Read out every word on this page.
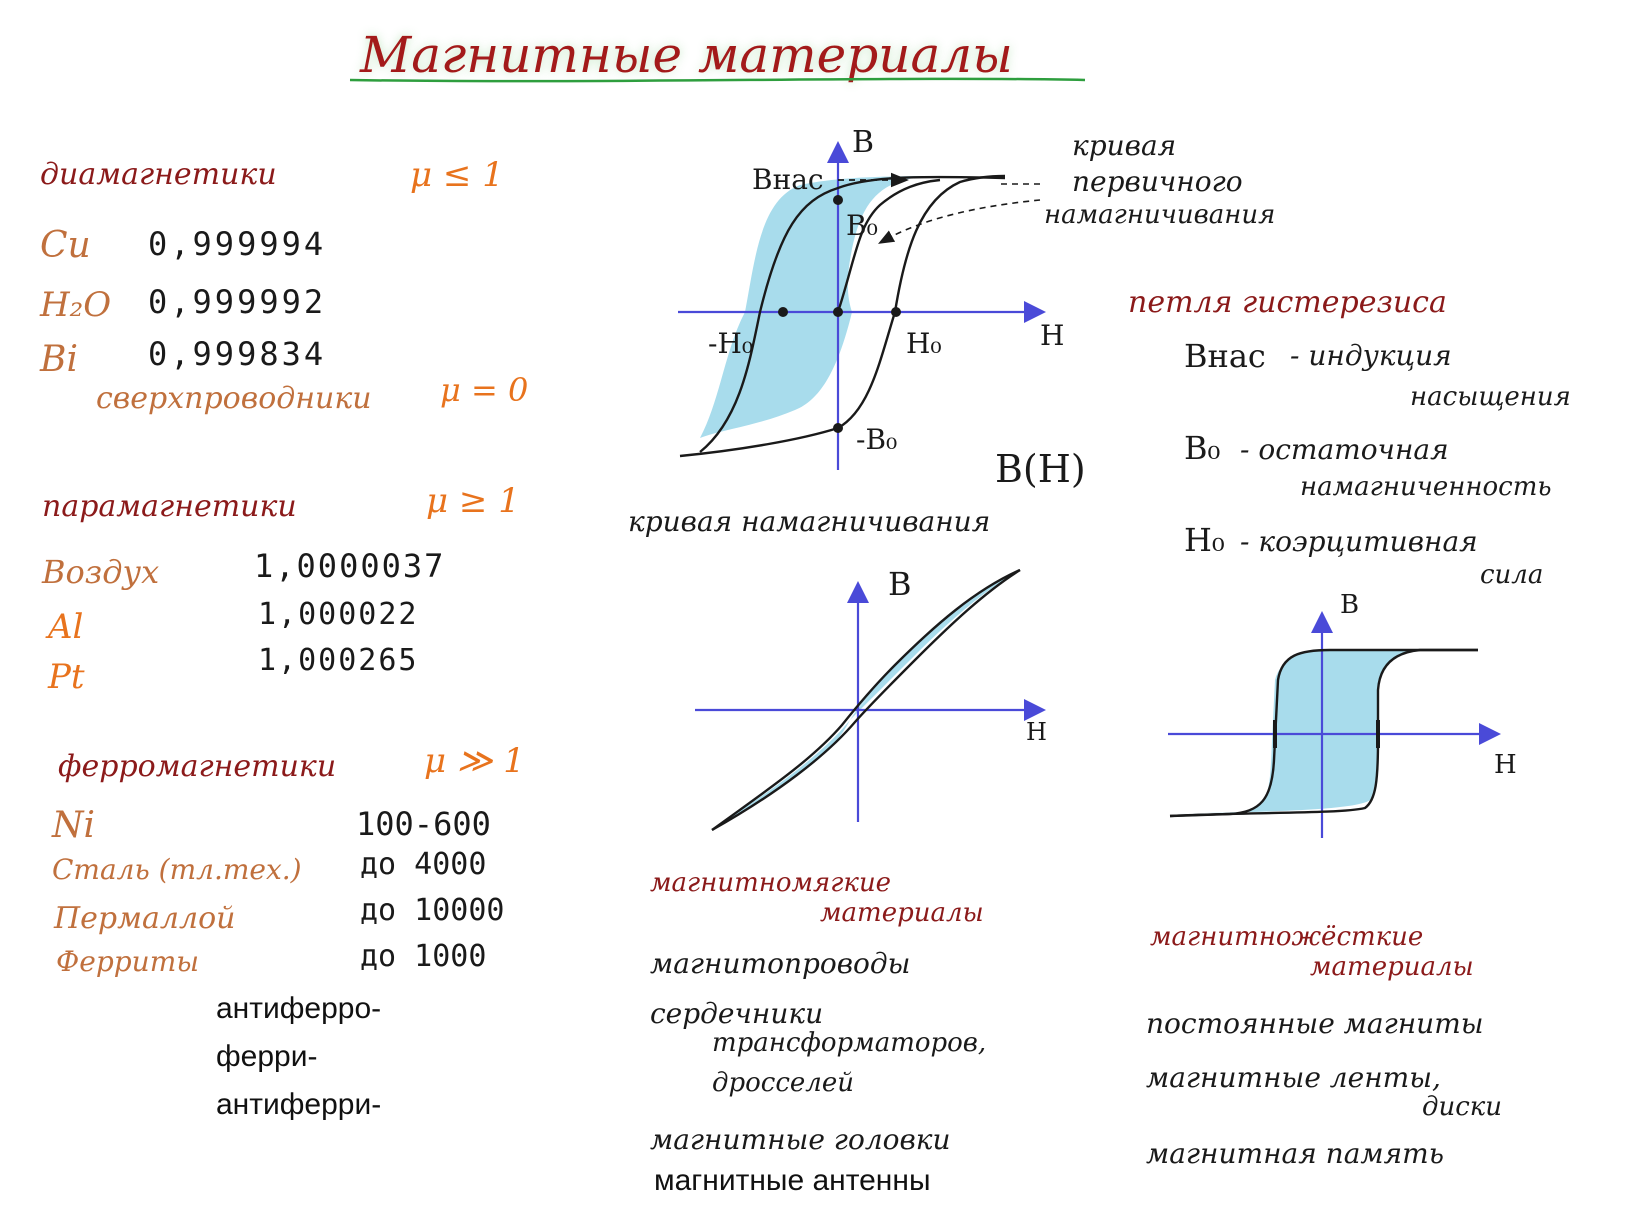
Магнитные материалы
диамагнетики	μ ≤ 1
Cu 0,999994
H₂O 0,999992
Bi 0,999834
сверхпроводники μ = 0
парамагнетики	μ ≥ 1
Воздух	1,0000037
Al	1,000022
Pt	1,000265
ферромагнетики	μ ≫ 1
Ni	100-600
Сталь (тл.тех.) до 4000
Пермаллой	до 10000
Ферриты	до 1000
антиферро-
ферри-
антиферри-
B
H
Bнас
B₀
-B₀
H₀
-H₀
кривая
первичного
намагничивания
B(H)
кривая намагничивания
петля гистерезиса
Bнас - индукция
насыщения
B₀ - остаточная
намагниченность
H₀ - коэрцитивная
сила
B
H
магнитномягкие
материалы
магнитопроводы
сердечники
трансформаторов,
дросселей
магнитные головки
магнитные антенны
B
H
магнитножёсткие
материалы
постоянные магниты
магнитные ленты,
диски
магнитная память
